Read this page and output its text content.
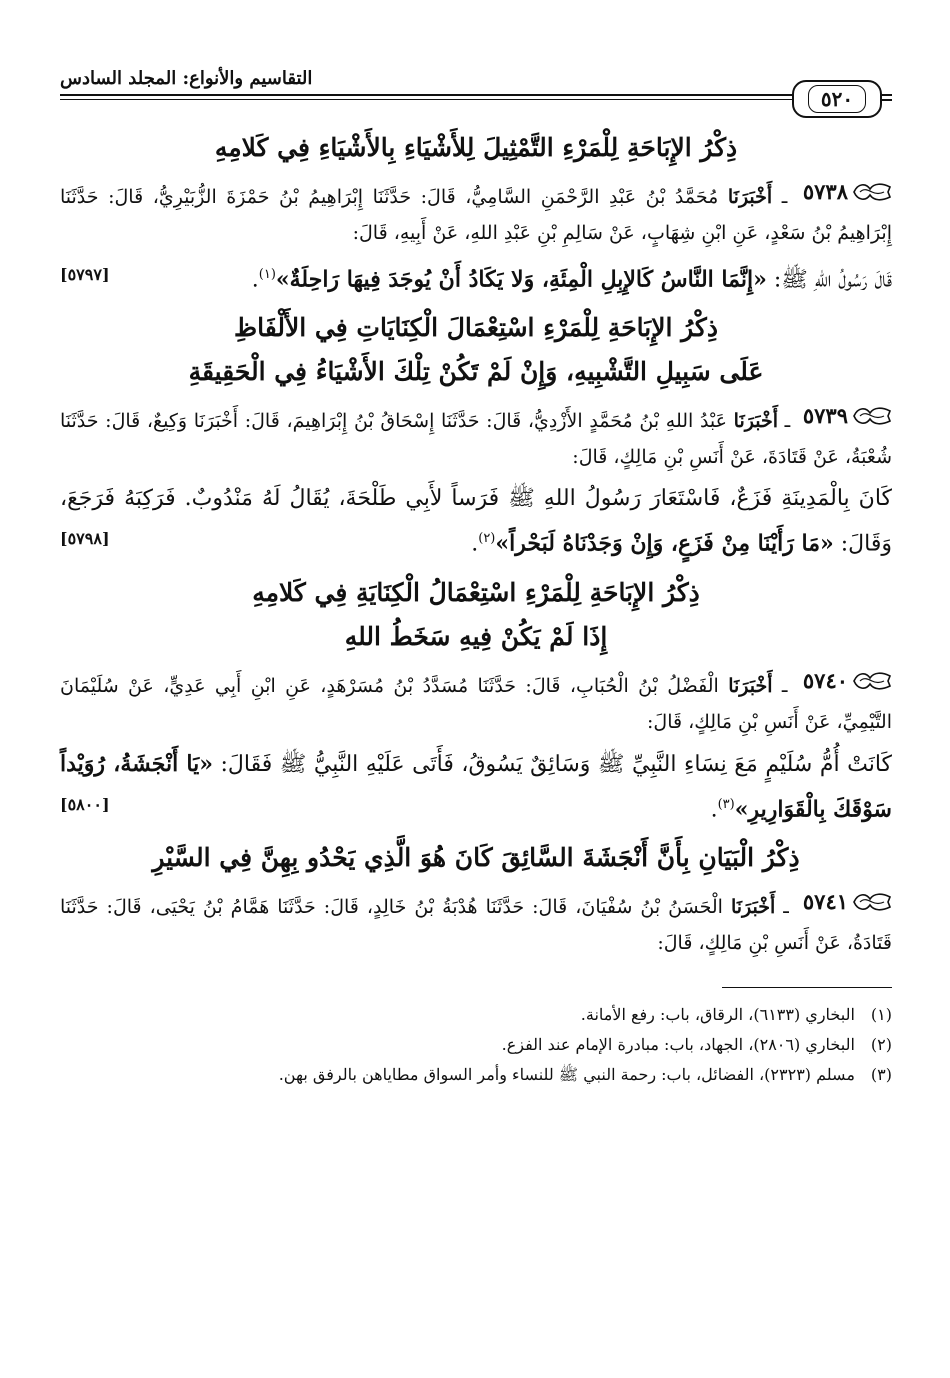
٥٢٠
التقاسيم والأنواع: المجلد السادس
ذِكْرُ الإِبَاحَةِ لِلْمَرْءِ التَّمْثِيلَ لِلأَشْيَاءِ بِالأَشْيَاءِ فِي كَلامِهِ

٥٧٣٨
ـ أَخْبَرَنَا مُحَمَّدُ بْنُ عَبْدِ الرَّحْمَنِ السَّامِيُّ، قَالَ: حَدَّثَنَا إِبْرَاهِيمُ بْنُ حَمْزَةَ الزُّبَيْرِيُّ، قَالَ: حَدَّثَنَا إِبْرَاهِيمُ بْنُ سَعْدٍ، عَنِ ابْنِ شِهَابٍ، عَنْ سَالِمِ بْنِ عَبْدِ اللهِ، عَنْ أَبِيهِ، قَالَ:

قَالَ رَسُولُ اللهِ ﷺ: «إِنَّمَا النَّاسُ كَالإِبِلِ الْمِئَةِ، وَلا يَكَادُ أَنْ يُوجَدَ فِيهَا رَاحِلَةٌ»$^{(١)}$.
[٥٧٩٧]

ذِكْرُ الإِبَاحَةِ لِلْمَرْءِ اسْتِعْمَالَ الْكِنَايَاتِ فِي الأَلْفَاظِ
عَلَى سَبِيلِ التَّشْبِيهِ، وَإِنْ لَمْ تَكُنْ تِلْكَ الأَشْيَاءُ فِي الْحَقِيقَةِ

٥٧٣٩
ـ أَخْبَرَنَا عَبْدُ اللهِ بْنُ مُحَمَّدٍ الأَزْدِيُّ، قَالَ: حَدَّثَنَا إِسْحَاقُ بْنُ إِبْرَاهِيمَ، قَالَ: أَخْبَرَنَا وَكِيعٌ، قَالَ: حَدَّثَنَا شُعْبَةُ، عَنْ قَتَادَةَ، عَنْ أَنَسِ بْنِ مَالِكٍ، قَالَ:

كَانَ بِالْمَدِينَةِ فَزَعٌ، فَاسْتَعَارَ رَسُولُ اللهِ ﷺ فَرَساً لأَبِي طَلْحَةَ، يُقَالُ لَهُ مَنْدُوبٌ. فَرَكِبَهُ فَرَجَعَ، وَقَالَ: «مَا رَأَيْنَا مِنْ فَزَعٍ، وَإِنْ وَجَدْنَاهُ لَبَحْراً»$^{(٢)}$.
[٥٧٩٨]

ذِكْرُ الإِبَاحَةِ لِلْمَرْءِ اسْتِعْمَالُ الْكِنَايَةِ فِي كَلامِهِ
إِذَا لَمْ يَكُنْ فِيهِ سَخَطُ اللهِ

٥٧٤٠
ـ أَخْبَرَنَا الْفَضْلُ بْنُ الْحُبَابِ، قَالَ: حَدَّثَنَا مُسَدَّدُ بْنُ مُسَرْهَدٍ، عَنِ ابْنِ أَبِي عَدِيٍّ، عَنْ سُلَيْمَانَ التَّيْمِيِّ، عَنْ أَنَسِ بْنِ مَالِكٍ، قَالَ:

كَانَتْ أُمُّ سُلَيْمٍ مَعَ نِسَاءِ النَّبِيِّ ﷺ وَسَائِقٌ يَسُوقُ، فَأَتَى عَلَيْهِ النَّبِيُّ ﷺ فَقَالَ: «يَا أَنْجَشَةُ، رُوَيْداً سَوْقَكَ بِالْقَوَارِيرِ»$^{(٣)}$.
[٥٨٠٠]

ذِكْرُ الْبَيَانِ بِأَنَّ أَنْجَشَةَ السَّائِقَ كَانَ هُوَ الَّذِي يَحْدُو بِهِنَّ فِي السَّيْرِ

٥٧٤١
ـ أَخْبَرَنَا الْحَسَنُ بْنُ سُفْيَانَ، قَالَ: حَدَّثَنَا هُدْبَةُ بْنُ خَالِدٍ، قَالَ: حَدَّثَنَا هَمَّامُ بْنُ يَحْيَى، قَالَ: حَدَّثَنَا قَتَادَةُ، عَنْ أَنَسِ بْنِ مَالِكٍ، قَالَ:

(١) البخاري (٦١٣٣)، الرقاق، باب: رفع الأمانة.

(٢) البخاري (٢٨٠٦)، الجهاد، باب: مبادرة الإمام عند الفزع.

(٣) مسلم (٢٣٢٣)، الفضائل، باب: رحمة النبي ﷺ للنساء وأمر السواق مطاياهن بالرفق بهن.
